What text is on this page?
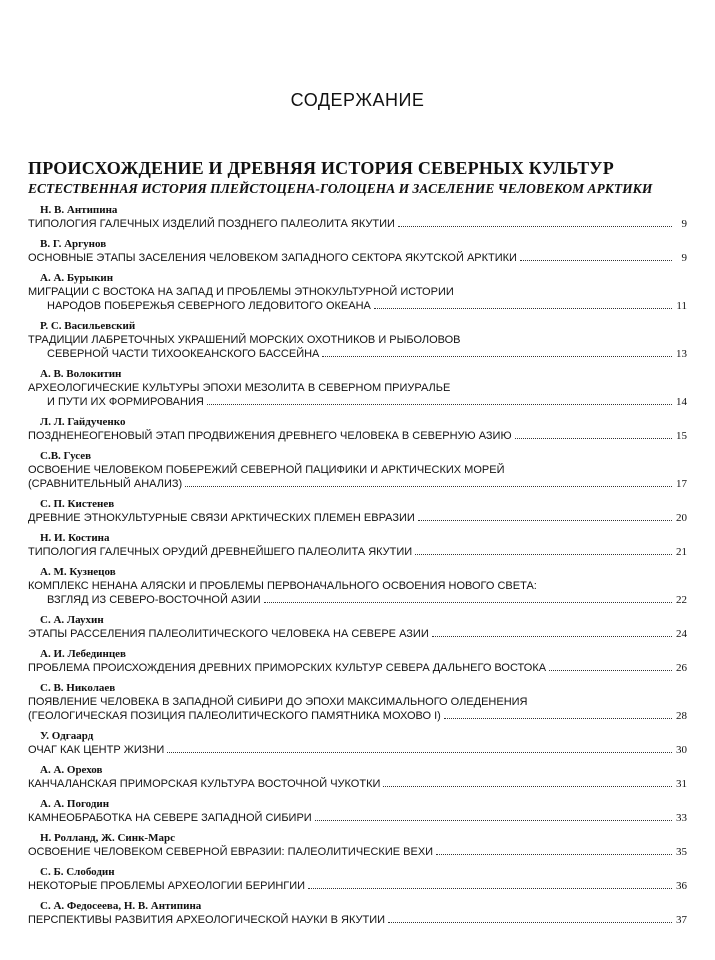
СОДЕРЖАНИЕ
ПРОИСХОЖДЕНИЕ И ДРЕВНЯЯ ИСТОРИЯ СЕВЕРНЫХ КУЛЬТУР
ЕСТЕСТВЕННАЯ ИСТОРИЯ ПЛЕЙСТОЦЕНА-ГОЛОЦЕНА И ЗАСЕЛЕНИЕ ЧЕЛОВЕКОМ АРКТИКИ
Н. В. Антипина
ТИПОЛОГИЯ ГАЛЕЧНЫХ ИЗДЕЛИЙ ПОЗДНЕГО ПАЛЕОЛИТА ЯКУТИИ	9
В. Г. Аргунов
ОСНОВНЫЕ ЭТАПЫ ЗАСЕЛЕНИЯ ЧЕЛОВЕКОМ ЗАПАДНОГО СЕКТОРА ЯКУТСКОЙ АРКТИКИ	9
А. А. Бурыкин
МИГРАЦИИ С ВОСТОКА НА ЗАПАД И ПРОБЛЕМЫ ЭТНОКУЛЬТУРНОЙ ИСТОРИИ
НАРОДОВ ПОБЕРЕЖЬЯ СЕВЕРНОГО ЛЕДОВИТОГО ОКЕАНА	11
Р. С. Васильевский
ТРАДИЦИИ ЛАБРЕТОЧНЫХ УКРАШЕНИЙ МОРСКИХ ОХОТНИКОВ И РЫБОЛОВОВ
СЕВЕРНОЙ ЧАСТИ ТИХООКЕАНСКОГО БАССЕЙНА	13
А. В. Волокитин
АРХЕОЛОГИЧЕСКИЕ КУЛЬТУРЫ ЭПОХИ МЕЗОЛИТА В СЕВЕРНОМ ПРИУРАЛЬЕ
И ПУТИ ИХ ФОРМИРОВАНИЯ	14
Л. Л. Гайдученко
ПОЗДНЕНЕОГЕНОВЫЙ ЭТАП ПРОДВИЖЕНИЯ ДРЕВНЕГО ЧЕЛОВЕКА В СЕВЕРНУЮ АЗИЮ	15
С.В. Гусев
ОСВОЕНИЕ ЧЕЛОВЕКОМ ПОБЕРЕЖИЙ СЕВЕРНОЙ ПАЦИФИКИ И АРКТИЧЕСКИХ МОРЕЙ
(СРАВНИТЕЛЬНЫЙ АНАЛИЗ)	17
С. П. Кистенев
ДРЕВНИЕ ЭТНОКУЛЬТУРНЫЕ СВЯЗИ АРКТИЧЕСКИХ ПЛЕМЕН ЕВРАЗИИ	20
Н. И. Костина
ТИПОЛОГИЯ ГАЛЕЧНЫХ ОРУДИЙ ДРЕВНЕЙШЕГО ПАЛЕОЛИТА ЯКУТИИ	21
А. М. Кузнецов
КОМПЛЕКС НЕНАНА АЛЯСКИ И ПРОБЛЕМЫ ПЕРВОНАЧАЛЬНОГО ОСВОЕНИЯ НОВОГО СВЕТА:
ВЗГЛЯД ИЗ СЕВЕРО-ВОСТОЧНОЙ АЗИИ	22
С. А. Лаухин
ЭТАПЫ РАССЕЛЕНИЯ ПАЛЕОЛИТИЧЕСКОГО ЧЕЛОВЕКА НА СЕВЕРЕ АЗИИ	24
А. И. Лебединцев
ПРОБЛЕМА ПРОИСХОЖДЕНИЯ ДРЕВНИХ ПРИМОРСКИХ КУЛЬТУР СЕВЕРА ДАЛЬНЕГО ВОСТОКА	26
С. В. Николаев
ПОЯВЛЕНИЕ ЧЕЛОВЕКА В ЗАПАДНОЙ СИБИРИ ДО ЭПОХИ МАКСИМАЛЬНОГО ОЛЕДЕНЕНИЯ
(ГЕОЛОГИЧЕСКАЯ ПОЗИЦИЯ ПАЛЕОЛИТИЧЕСКОГО ПАМЯТНИКА МОХОВО I)	28
У. Одгаард
ОЧАГ КАК ЦЕНТР ЖИЗНИ	30
А. А. Орехов
КАНЧАЛАНСКАЯ ПРИМОРСКАЯ КУЛЬТУРА ВОСТОЧНОЙ ЧУКОТКИ	31
А. А. Погодин
КАМНЕОБРАБОТКА НА СЕВЕРЕ ЗАПАДНОЙ СИБИРИ	33
Н. Ролланд, Ж. Синк-Марс
ОСВОЕНИЕ ЧЕЛОВЕКОМ СЕВЕРНОЙ ЕВРАЗИИ: ПАЛЕОЛИТИЧЕСКИЕ ВЕХИ	35
С. Б. Слободин
НЕКОТОРЫЕ ПРОБЛЕМЫ АРХЕОЛОГИИ БЕРИНГИИ	36
С. А. Федосеева, Н. В. Антипина
ПЕРСПЕКТИВЫ РАЗВИТИЯ АРХЕОЛОГИЧЕСКОЙ НАУКИ В ЯКУТИИ	37
